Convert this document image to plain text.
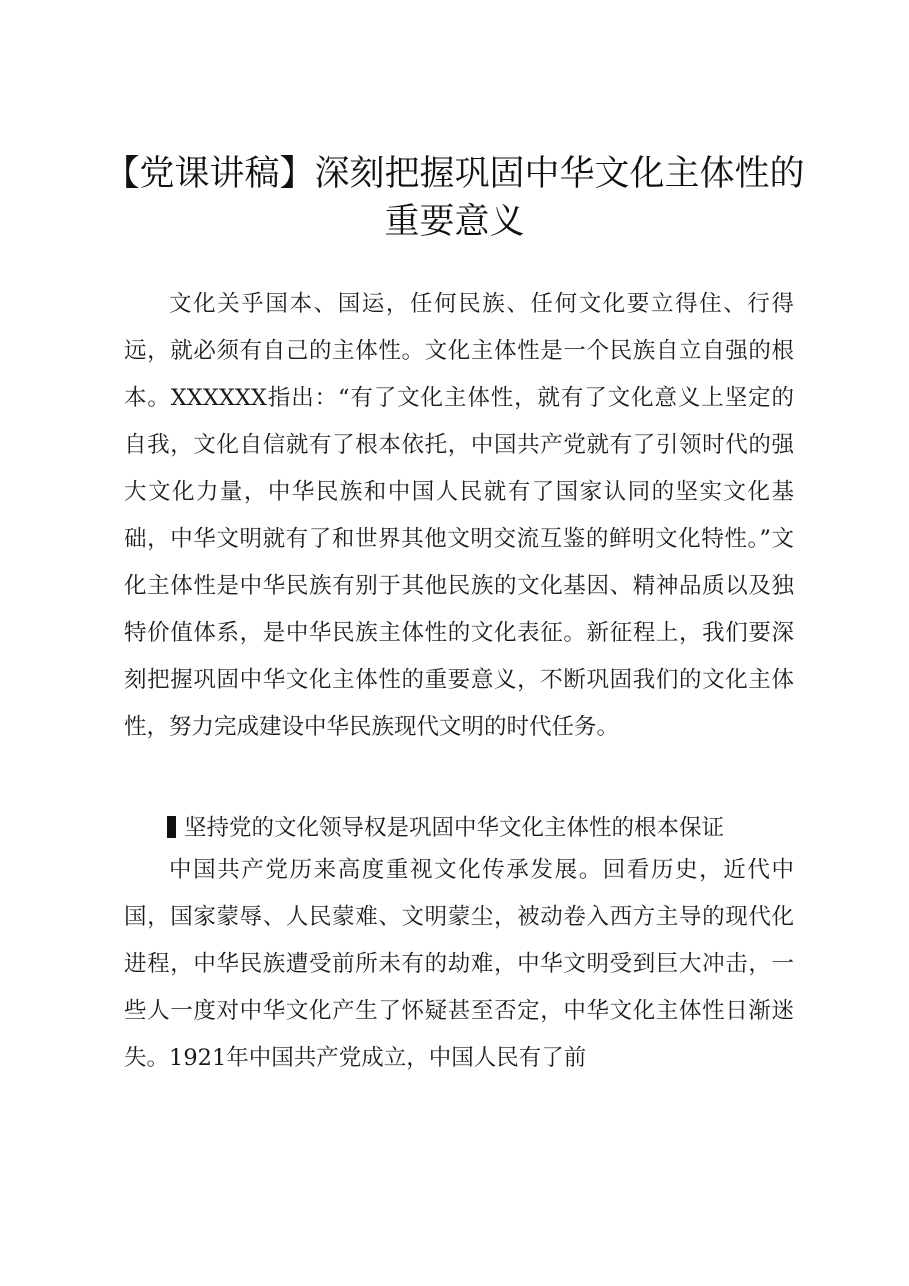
【党课讲稿】深刻把握巩固中华文化主体性的重要意义

文化关乎国本、国运，任何民族、任何文化要立得住、行得远，就必须有自己的主体性。文化主体性是一个民族自立自强的根本。XXXXXX指出：“有了文化主体性，就有了文化意义上坚定的自我，文化自信就有了根本依托，中国共产党就有了引领时代的强大文化力量，中华民族和中国人民就有了国家认同的坚实文化基础，中华文明就有了和世界其他文明交流互鉴的鲜明文化特性。”文化主体性是中华民族有别于其他民族的文化基因、精神品质以及独特价值体系，是中华民族主体性的文化表征。新征程上，我们要深刻把握巩固中华文化主体性的重要意义，不断巩固我们的文化主体性，努力完成建设中华民族现代文明的时代任务。

坚持党的文化领导权是巩固中华文化主体性的根本保证

中国共产党历来高度重视文化传承发展。回看历史，近代中国，国家蒙辱、人民蒙难、文明蒙尘，被动卷入西方主导的现代化进程，中华民族遭受前所未有的劫难，中华文明受到巨大冲击，一些人一度对中华文化产生了怀疑甚至否定，中华文化主体性日渐迷失。1921年中国共产党成立，中国人民有了前
